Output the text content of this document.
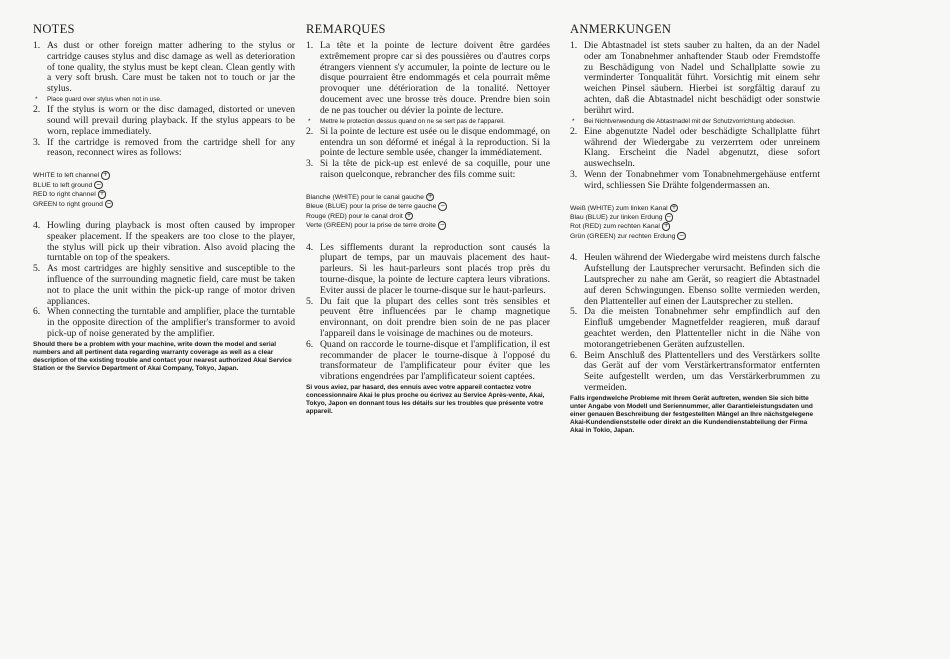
NOTES

1. As dust or other foreign matter adhering to the stylus or cartridge causes stylus and disc damage as well as deterioration of tone quality, the stylus must be kept clean. Clean gently with a very soft brush. Care must be taken not to touch or jar the stylus.

* Place guard over stylus when not in use.

2. If the stylus is worn or the disc damaged, distorted or uneven sound will prevail during playback. If the stylus appears to be worn, replace immediately.

3. If the cartridge is removed from the cartridge shell for any reason, reconnect wires as follows:

WHITE to left channel +
BLUE to left ground −
RED to right channel +
GREEN to right ground −

4. Howling during playback is most often caused by improper speaker placement. If the speakers are too close to the player, the stylus will pick up their vibration. Also avoid placing the turntable on top of the speakers.

5. As most cartridges are highly sensitive and susceptible to the influence of the surrounding magnetic field, care must be taken not to place the unit within the pick-up range of motor driven appliances.

6. When connecting the turntable and amplifier, place the turntable in the opposite direction of the amplifier's transformer to avoid pick-up of noise generated by the amplifier.

Should there be a problem with your machine, write down the model and serial numbers and all pertinent data regarding warranty coverage as well as a clear description of the existing trouble and contact your nearest authorized Akai Service Station or the Service Department of Akai Company, Tokyo, Japan.

REMARQUES

1. La tête et la pointe de lecture doivent être gardées extrêmement propre car si des poussières ou d'autres corps étrangers viennent s'y accumuler, la pointe de lecture ou le disque pourraient être endommagés et cela pourrait même provoquer une détérioration de la tonalité. Nettoyer doucement avec une brosse très douce. Prendre bien soin de ne pas toucher ou dévier la pointe de lecture.

* Mettre le protection dessus quand on ne se sert pas de l'appareil.

2. Si la pointe de lecture est usée ou le disque endommagé, on entendra un son déformé et inégal à la reproduction. Si la pointe de lecture semble usée, changer la immédiatement.

3. Si la tête de pick-up est enlevé de sa coquille, pour une raison quelconque, rebrancher des fils comme suit:

Blanche (WHITE) pour le canal gauche +
Bleue (BLUE) pour la prise de terre gauche −
Rouge (RED) pour le canal droit +
Verte (GREEN) pour la prise de terre droite −

4. Les sifflements durant la reproduction sont causés la plupart de temps, par un mauvais placement des haut-parleurs. Si les haut-parleurs sont placés trop près du tourne-disque, la pointe de lecture captera leurs vibrations. Eviter aussi de placer le tourne-disque sur le haut-parleurs.

5. Du fait que la plupart des celles sont très sensibles et peuvent être influencées par le champ magnetique environnant, on doit prendre bien soin de ne pas placer l'appareil dans le voisinage de machines ou de moteurs.

6. Quand on raccorde le tourne-disque et l'amplification, il est recommander de placer le tourne-disque à l'opposé du transformateur de l'amplificateur pour éviter que les vibrations engendrées par l'amplificateur soient captées.

Si vous aviez, par hasard, des ennuis avec votre appareil contactez votre concessionnaire Akai le plus proche ou écrivez au Service Après-vente, Akai, Tokyo, Japon en donnant tous les détails sur les troubles que présente votre appareil.

ANMERKUNGEN

1. Die Abtastnadel ist stets sauber zu halten, da an der Nadel oder am Tonabnehmer anhaftender Staub oder Fremdstoffe zu Beschädigung von Nadel und Schallplatte sowie zu verminderter Tonqualität führt. Vorsichtig mit einem sehr weichen Pinsel säubern. Hierbei ist sorgfältig darauf zu achten, daß die Abtastnadel nicht beschädigt oder sonstwie berührt wird.

* Bei Nichtverwendung die Abtastnadel mit der Schutzvorrichtung abdecken.

2. Eine abgenutzte Nadel oder beschädigte Schallplatte führt während der Wiedergabe zu verzerrtem oder unreinem Klang. Erscheint die Nadel abgenutzt, diese sofort auswechseln.

3. Wenn der Tonabnehmer vom Tonabnehmergehäuse entfernt wird, schliessen Sie Drähte folgendermassen an.

Weiß (WHITE) zum linken Kanal +
Blau (BLUE) zur linken Erdung −
Rot (RED) zum rechten Kanal +
Grün (GREEN) zur rechten Erdung −

4. Heulen während der Wiedergabe wird meistens durch falsche Aufstellung der Lautsprecher verursacht. Befinden sich die Lautsprecher zu nahe am Gerät, so reagiert die Abtastnadel auf deren Schwingungen. Ebenso sollte vermieden werden, den Plattenteller auf einen der Lautsprecher zu stellen.

5. Da die meisten Tonabnehmer sehr empfindlich auf den Einfluß umgebender Magnetfelder reagieren, muß darauf geachtet werden, den Plattenteller nicht in die Nähe von motorangetriebenen Geräten aufzustellen.

6. Beim Anschluß des Plattentellers und des Verstärkers sollte das Gerät auf der vom Verstärkertransformator entfernten Seite aufgestellt werden, um das Verstärkerbrummen zu vermeiden.

Falls irgendwelche Probleme mit Ihrem Gerät auftreten, wenden Sie sich bitte unter Angabe von Modell und Seriennummer, aller Garantieleistungsdaten und einer genauen Beschreibung der festgestellten Mängel an Ihre nächstgelegene Akai-Kundendienststelle oder direkt an die Kundendienstabteilung der Firma Akai in Tokio, Japan.
